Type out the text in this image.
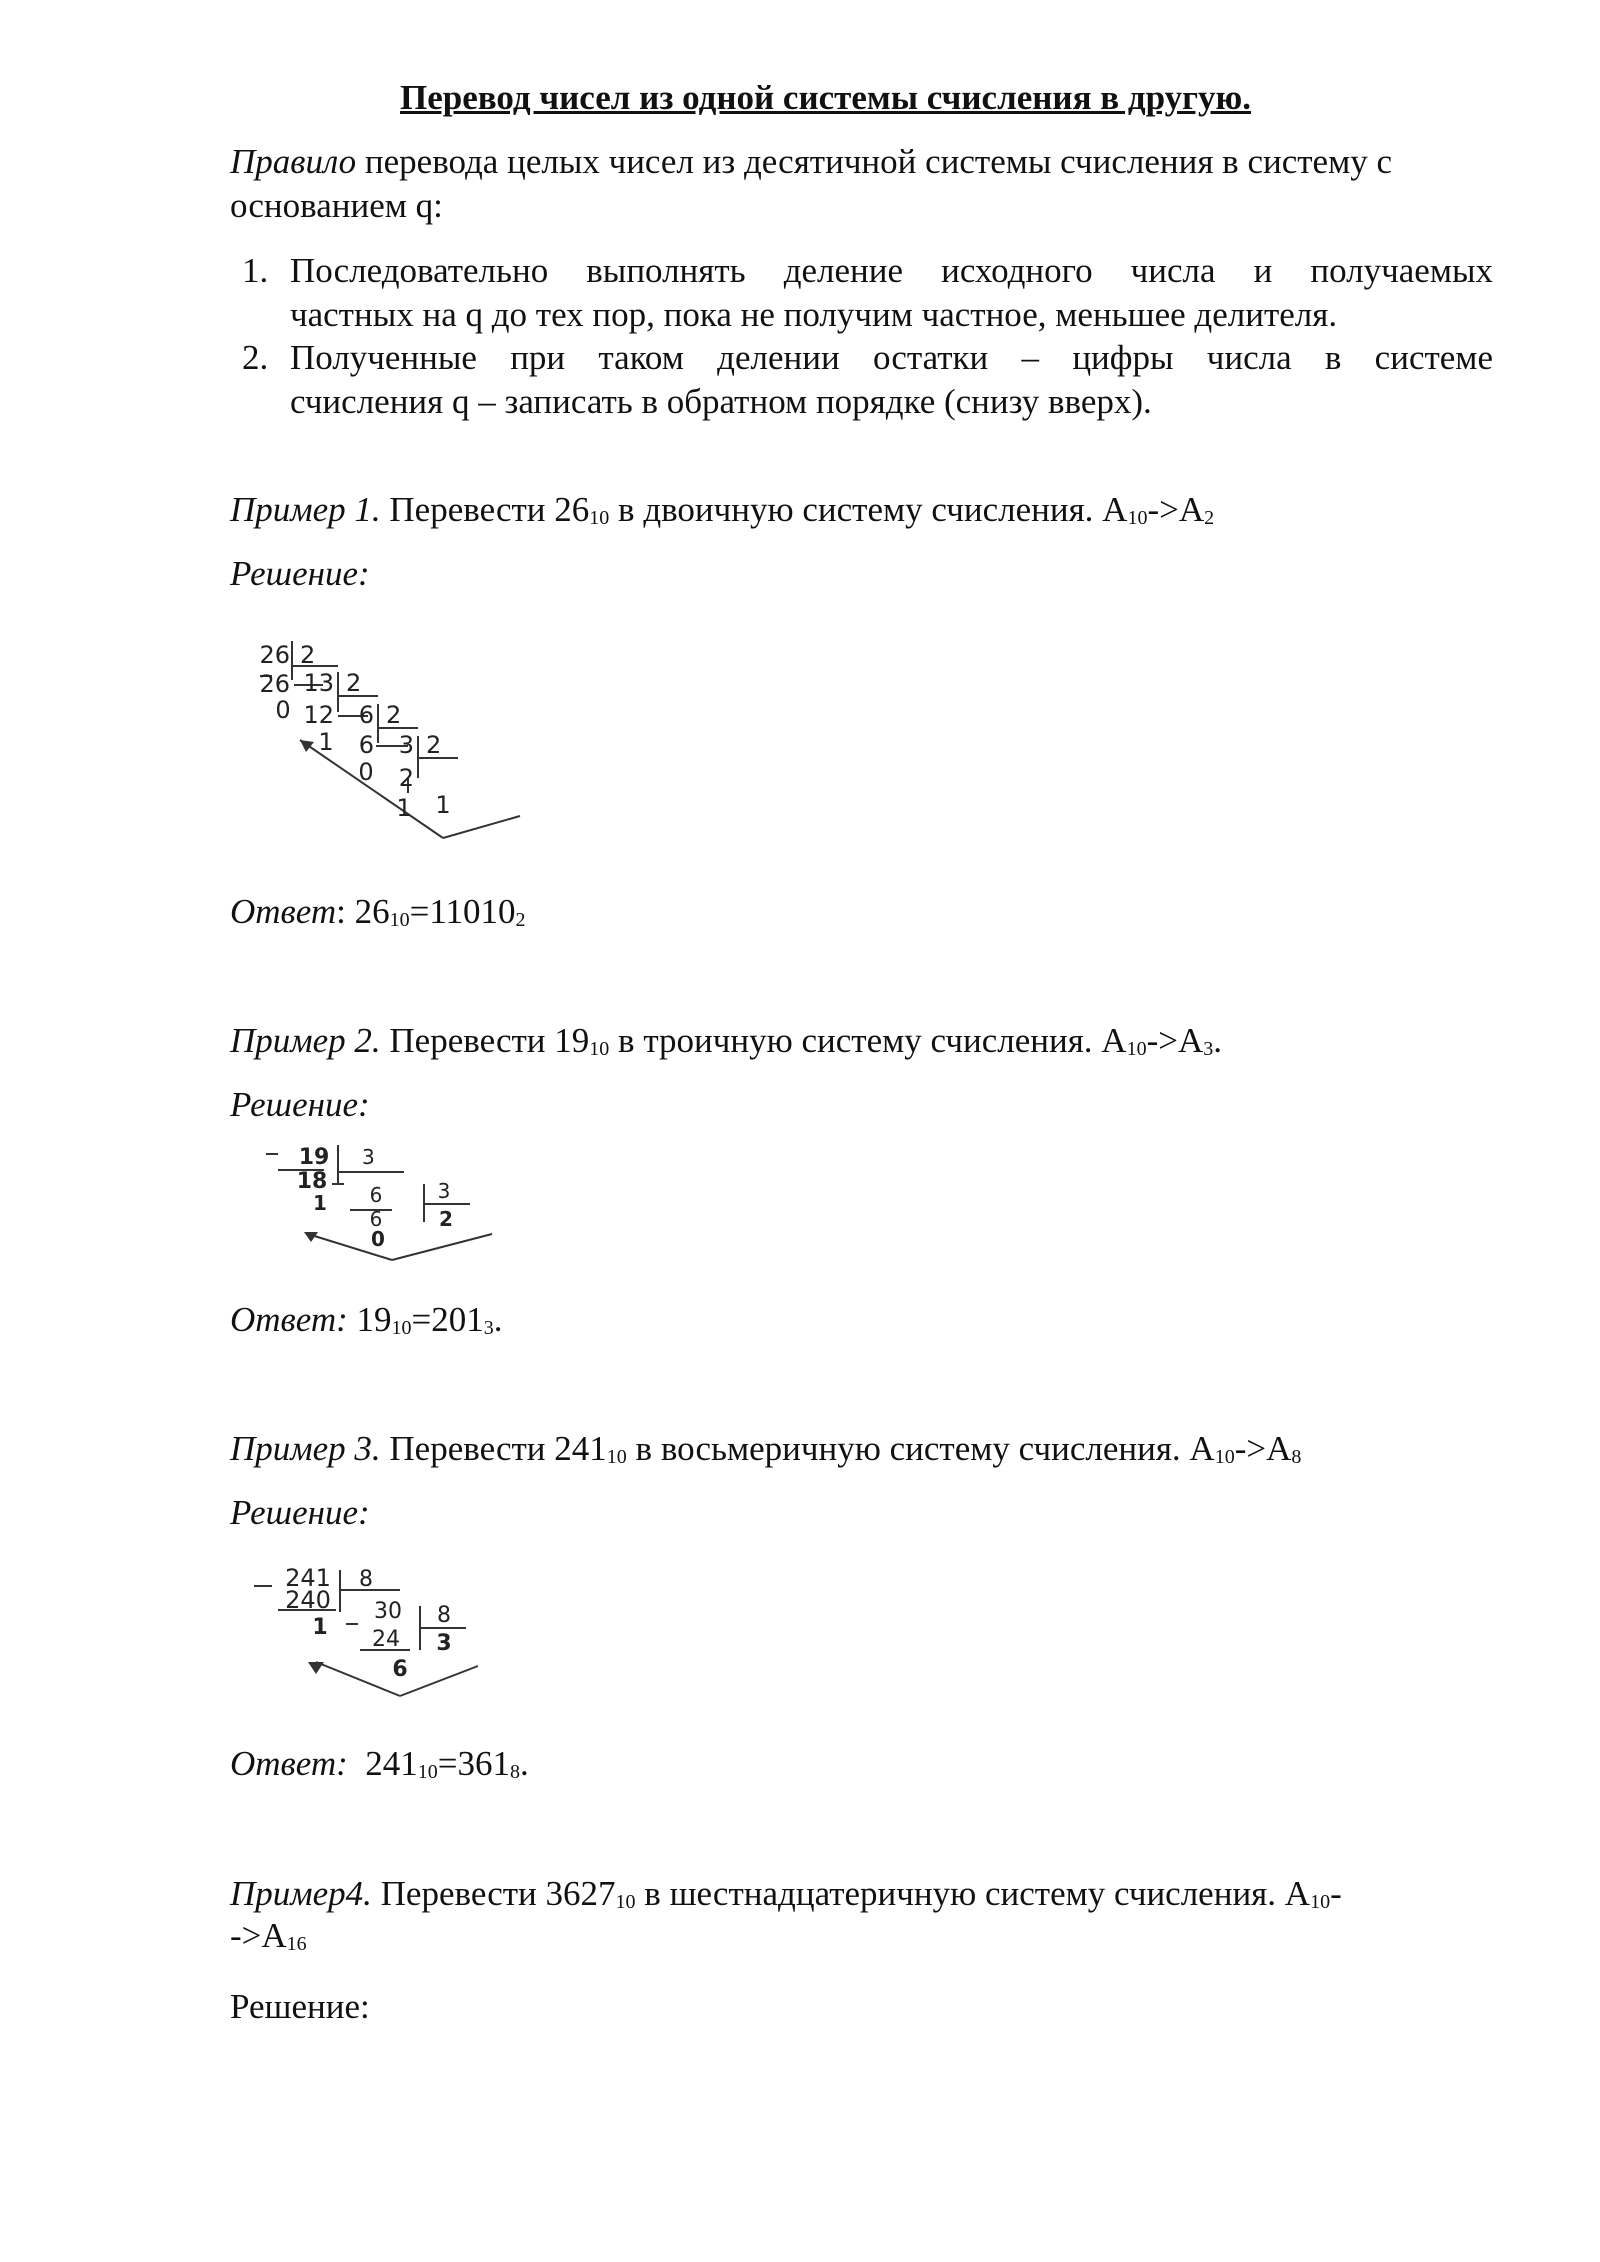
Перевод чисел из одной системы счисления в другую.
Правило перевода целых чисел из десятичной системы счисления в систему с
основанием q:
1. Последовательно выполнять деление исходного числа и получаемых
частных на q до тех пор, пока не получим частное, меньшее делителя.
2. Полученные при таком делении остатки – цифры числа в системе
счисления q – записать в обратном порядке (снизу вверх).
Пример 1. Перевести $26_{10}$ в двоичную систему счисления. $А_{10}->А_2$
Решение:
26 2
26
0
13 2
12
1
6 2
6
0
3 2
2
1 1
Ответ: $26_{10}=11010_2$
Пример 2. Перевести $19_{10}$ в троичную систему счисления. $А_{10}->А_3$.
Решение:
19 3
18
1 6	3
6
0
2
Ответ: $19_{10}=201_3$.
Пример 3. Перевести $241_{10}$ в восьмеричную систему счисления. $А_{10}->А_8$
Решение:
241 8
240
1
30 8
24
6
3
Ответ:  $241_{10}=361_8$.
Пример4. Перевести $3627_{10}$ в шестнадцатеричную систему счисления. $А_{10}-$
$->А_{16}$
Решение:
